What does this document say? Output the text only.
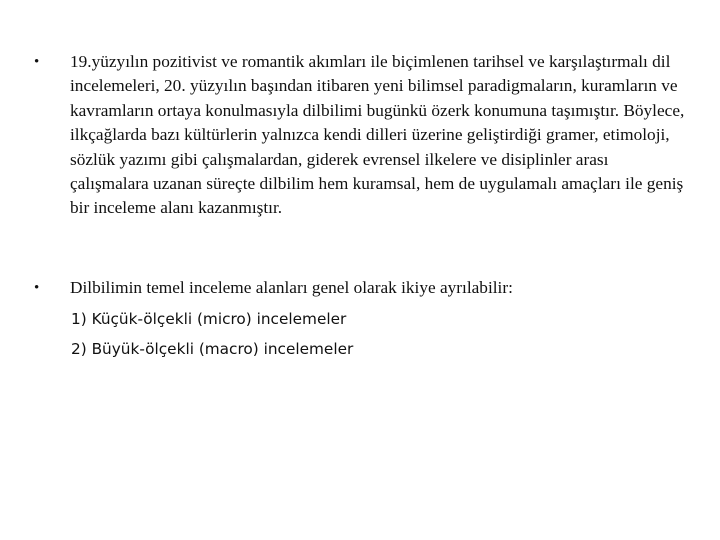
•	19.yüzyılın pozitivist ve romantik akımları ile biçimlenen tarihsel ve karşılaştırmalı dil incelemeleri, 20. yüzyılın başından itibaren yeni bilimsel paradigmaların, kuramların ve kavramların ortaya konulmasıyla dilbilimi bugünkü özerk konumuna taşımıştır. Böylece, ilkçağlarda bazı kültürlerin yalnızca kendi dilleri üzerine geliştirdiği gramer, etimoloji, sözlük yazımı gibi çalışmalardan, giderek evrensel ilkelere ve disiplinler arası çalışmalara uzanan süreçte dilbilim hem kuramsal, hem de uygulamalı amaçları ile geniş bir inceleme alanı kazanmıştır.
•	Dilbilimin temel inceleme alanları genel olarak ikiye ayrılabilir:
1) Küçük-ölçekli (micro) incelemeler
2) Büyük-ölçekli (macro) incelemeler
